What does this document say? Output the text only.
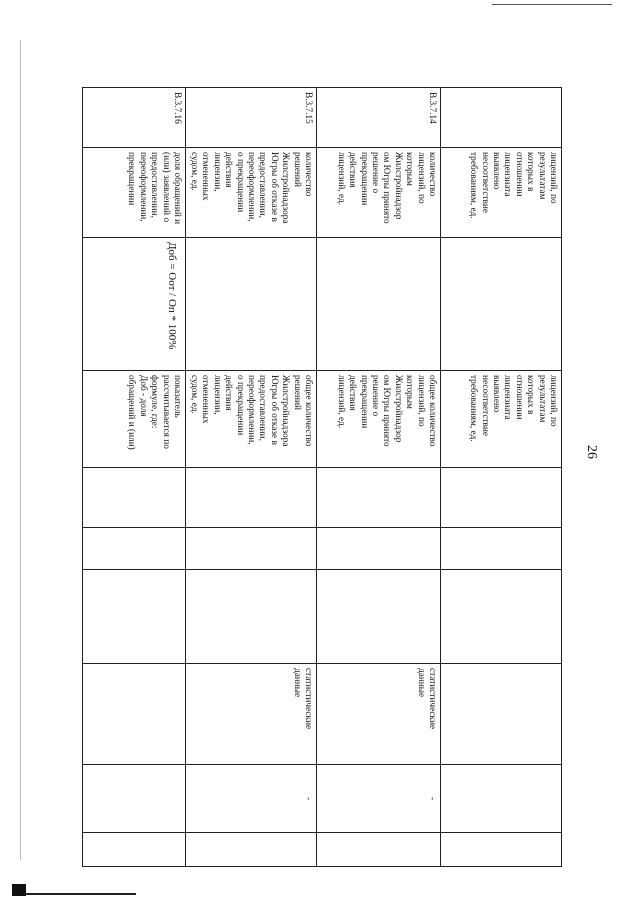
26
лицензий, по
результатам
которых в
отношении
лицензиата
выявлено
несоответствие
требованиям, ед.
лицензий, по
результатам
которых в
отношении
лицензиата
выявлено
несоответствие
требованиям, ед.
В.3.7.14
количество
лицензий, по
которым
Жилстройнадзор
ом Югры принято
решение о
прекращении
действия
лицензий, ед.
общее количество
лицензий, по
которым
Жилстройнадзор
ом Югры принято
решение о
прекращении
действия
лицензий, ед.
статистические
данные
-
В.3.7.15
количество
решений
Жилстройнадзора
Югры об отказе в
предоставлении,
переоформлении,
о прекращении
действия
лицензии,
отмененных
судом, ед.
общее количество
решений
Жилстройнадзора
Югры об отказе в
предоставлении,
переоформлении,
о прекращении
действия
лицензии,
отмененных
судом, ед.
статистические
данные
-
В.3.7.16
доля обращений и
(или) заявлений о
предоставлении,
переоформлении,
прекращении
Доб = Оот / Оп * 100%
показатель
рассчитывается по
формуле, где:
Доб - доля
обращений и (или)
